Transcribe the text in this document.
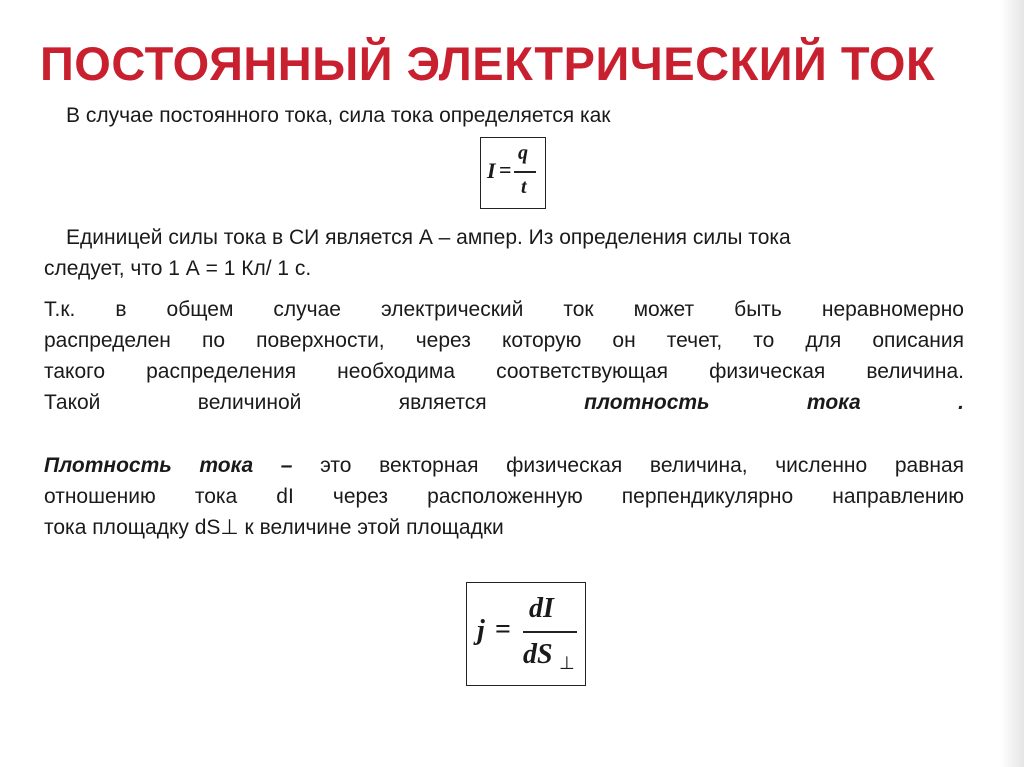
ПОСТОЯННЫЙ ЭЛЕКТРИЧЕСКИЙ ТОК
В случае постоянного тока, сила тока определяется как
I =
q
t
Единицей силы тока в СИ является А – ампер. Из определения силы тока
следует, что 1 А = 1 Кл/ 1 с.
Т.к. в общем случае электрический ток может быть неравномерно
распределен по поверхности, через которую он течет, то для описания
такого распределения необходима соответствующая физическая величина.
Такой величиной является	плотность тока	.
Плотность тока – это векторная физическая величина, численно равная
отношению тока dI через расположенную перпендикулярно направлению
тока площадку dS⊥ к величине этой площадки
j =
dI
dS ⊥
